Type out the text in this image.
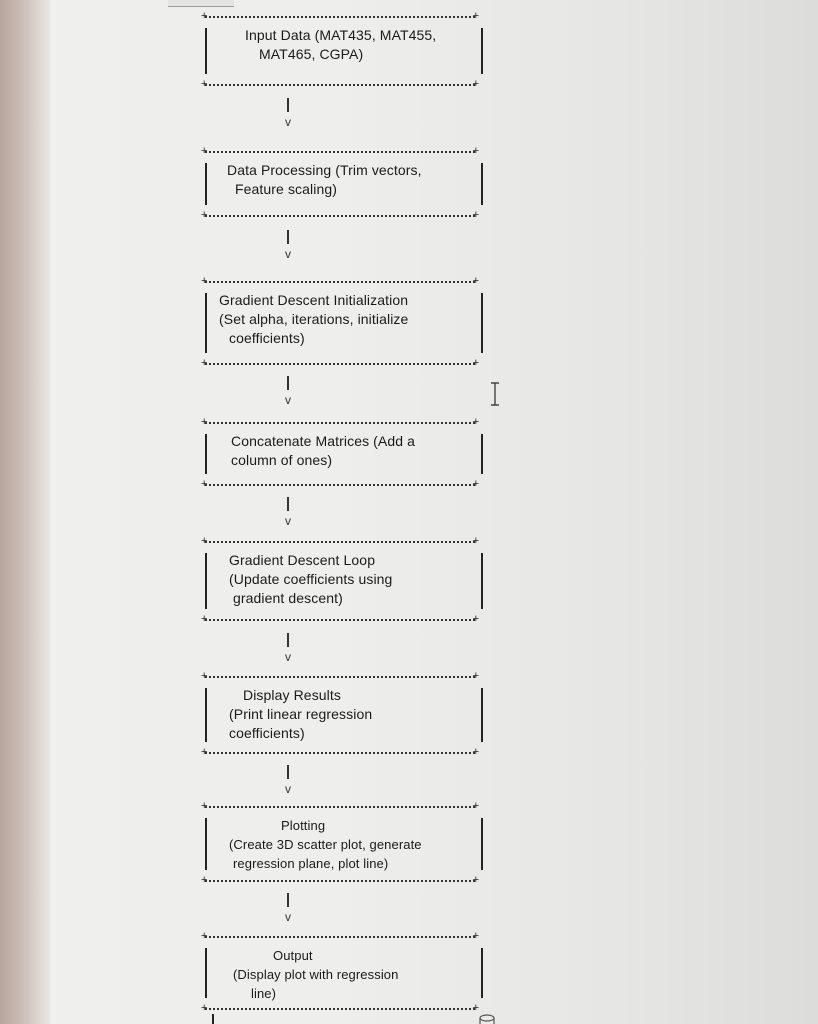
+	+
+	+
Input Data (MAT435, MAT455,
MAT465, CGPA)
v
+	+
+	+
Data Processing (Trim vectors,
Feature scaling)
v
+	+
+	+
Gradient Descent Initialization
(Set alpha, iterations, initialize
coefficients)
v
+	+
+	+
Concatenate Matrices (Add a
column of ones)
v
+	+
+	+
Gradient Descent Loop
(Update coefficients using
gradient descent)
v
+	+
+	+
Display Results
(Print linear regression
coefficients)
v
+	+
+	+
Plotting
(Create 3D scatter plot, generate
regression plane, plot line)
v
+	+
+	+
Output
(Display plot with regression
line)
